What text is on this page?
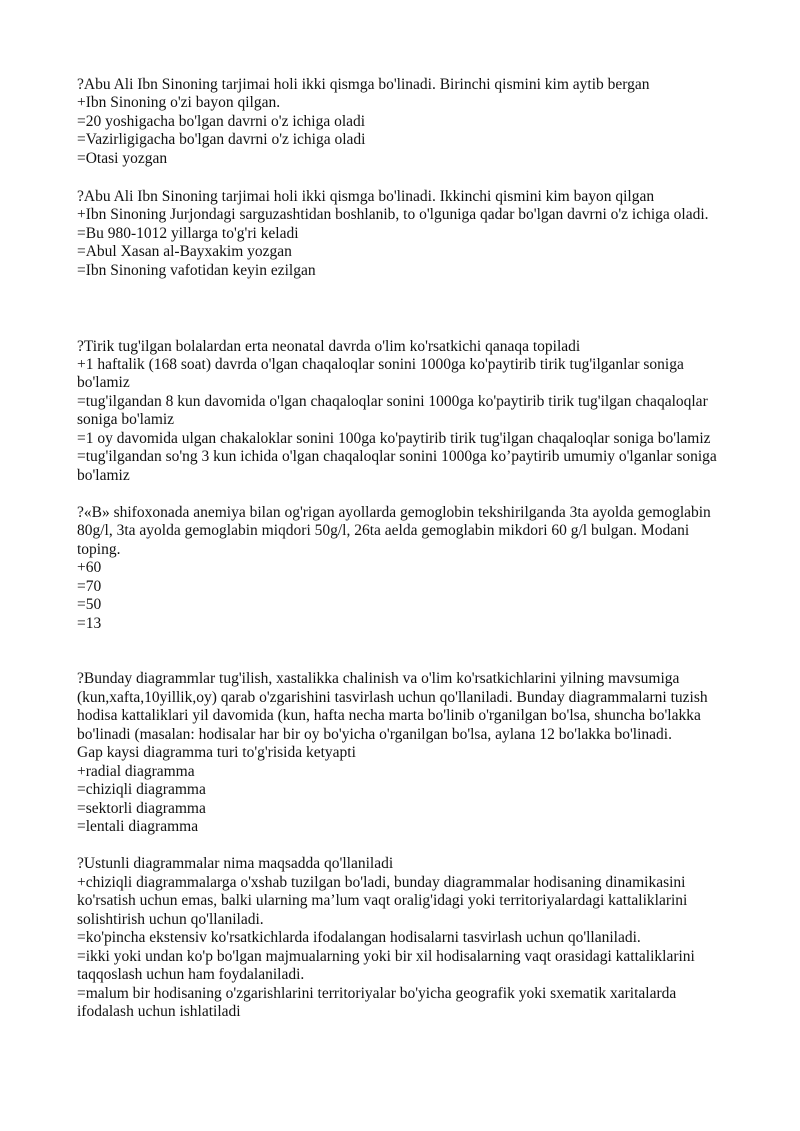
?Abu Ali Ibn Sinoning tarjimai holi ikki qismga bo'linadi. Birinchi qismini kim aytib bergan
+Ibn Sinoning o'zi bayon qilgan.
=20 yoshigacha bo'lgan davrni o'z ichiga oladi
=Vazirligigacha bo'lgan davrni o'z ichiga oladi
=Otasi yozgan
?Abu Ali Ibn Sinoning tarjimai holi ikki qismga bo'linadi. Ikkinchi qismini kim bayon qilgan
+Ibn Sinoning Jurjondagi sarguzashtidan boshlanib, to o'lguniga qadar bo'lgan davrni o'z ichiga oladi.
=Bu 980-1012 yillarga to'g'ri keladi
=Abul Xasan al-Bayxakim yozgan
=Ibn Sinoning vafotidan keyin ezilgan
?Tirik tug'ilgan bolalardan erta neonatal davrda o'lim ko'rsatkichi qanaqa topiladi
+1 haftalik (168 soat) davrda o'lgan chaqaloqlar sonini 1000ga ko'paytirib tirik tug'ilganlar soniga
bo'lamiz
=tug'ilgandan 8 kun davomida o'lgan chaqaloqlar sonini 1000ga ko'paytirib tirik tug'ilgan chaqaloqlar
soniga bo'lamiz
=1 oy davomida ulgan chakaloklar sonini 100ga ko'paytirib tirik tug'ilgan chaqaloqlar soniga bo'lamiz
=tug'ilgandan so'ng 3 kun ichida o'lgan chaqaloqlar sonini 1000ga ko’paytirib umumiy o'lganlar soniga
bo'lamiz
?«B» shifoxonada anemiya bilan og'rigan ayollarda gemoglobin tekshirilganda 3ta ayolda gemoglabin
80g/l, 3ta ayolda gemoglabin miqdori 50g/l, 26ta aelda gemoglabin mikdori 60 g/l bulgan. Modani
toping.
+60
=70
=50
=13
?Bunday diagrammlar tug'ilish, xastalikka chalinish va o'lim ko'rsatkichlarini yilning mavsumiga
(kun,xafta,10yillik,oy) qarab o'zgarishini tasvirlash uchun qo'llaniladi. Bunday diagrammalarni tuzish
hodisa kattaliklari yil davomida (kun, hafta necha marta bo'linib o'rganilgan bo'lsa, shuncha bo'lakka
bo'linadi (masalan: hodisalar har bir oy bo'yicha o'rganilgan bo'lsa, aylana 12 bo'lakka bo'linadi.
Gap kaysi diagramma turi to'g'risida ketyapti
+radial diagramma
=chiziqli diagramma
=sektorli diagramma
=lentali diagramma
?Ustunli diagrammalar nima maqsadda qo'llaniladi
+chiziqli diagrammalarga o'xshab tuzilgan bo'ladi, bunday diagrammalar hodisaning dinamikasini
ko'rsatish uchun emas, balki ularning ma’lum vaqt oralig'idagi yoki territoriyalardagi kattaliklarini
solishtirish uchun qo'llaniladi.
=ko'pincha ekstensiv ko'rsatkichlarda ifodalangan hodisalarni tasvirlash uchun qo'llaniladi.
=ikki yoki undan ko'p bo'lgan majmualarning yoki bir xil hodisalarning vaqt orasidagi kattaliklarini
taqqoslash uchun ham foydalaniladi.
=malum bir hodisaning o'zgarishlarini territoriyalar bo'yicha geografik yoki sxematik xaritalarda
ifodalash uchun ishlatiladi
